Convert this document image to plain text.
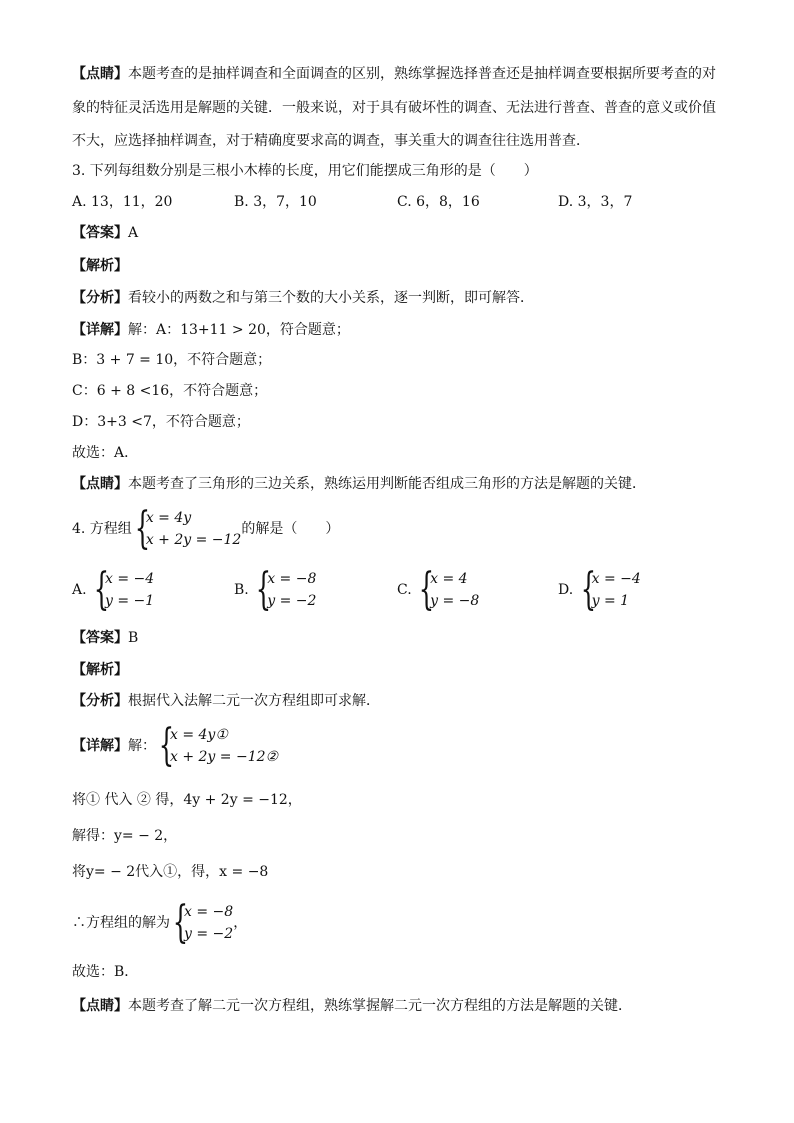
【点睛】本题考查的是抽样调查和全面调查的区别，熟练掌握选择普查还是抽样调查要根据所要考查的对
象的特征灵活选用是解题的关键．一般来说，对于具有破坏性的调查、无法进行普查、普查的意义或价值
不大，应选择抽样调查，对于精确度要求高的调查，事关重大的调查往往选用普查．
3. 下列每组数分别是三根小木棒的长度，用它们能摆成三角形的是（　　）
A. 13，11，20	B. 3，7，10	C. 6，8，16	D. 3，3，7
【答案】A
【解析】
【分析】看较小的两数之和与第三个数的大小关系，逐一判断，即可解答．
【详解】解：A：13+11 > 20，符合题意；
B：3 + 7 = 10，不符合题意；
C：6 + 8 <16，不符合题意；
D：3+3 <7，不符合题意；
故选：A．
【点睛】本题考查了三角形的三边关系，熟练运用判断能否组成三角形的方法是解题的关键．
4. 方程组 {
x = 4y
x + 2y = −12
的解是（　　）
A. {
x = −4
y = −1
B. {
x = −8
y = −2
C. {
x = 4
y = −8
D. {
x = −4
y = 1
【答案】B
【解析】
【分析】根据代入法解二元一次方程组即可求解．
【详解】解： {
x = 4y①
x + 2y = −12②
将① 代入 ② 得，4y + 2y = −12，
解得：y= − 2，
将y= − 2代入①，得，x = −8
∴方程组的解为 {
x = −8
y = −2
，
故选：B．
【点睛】本题考查了解二元一次方程组，熟练掌握解二元一次方程组的方法是解题的关键．
